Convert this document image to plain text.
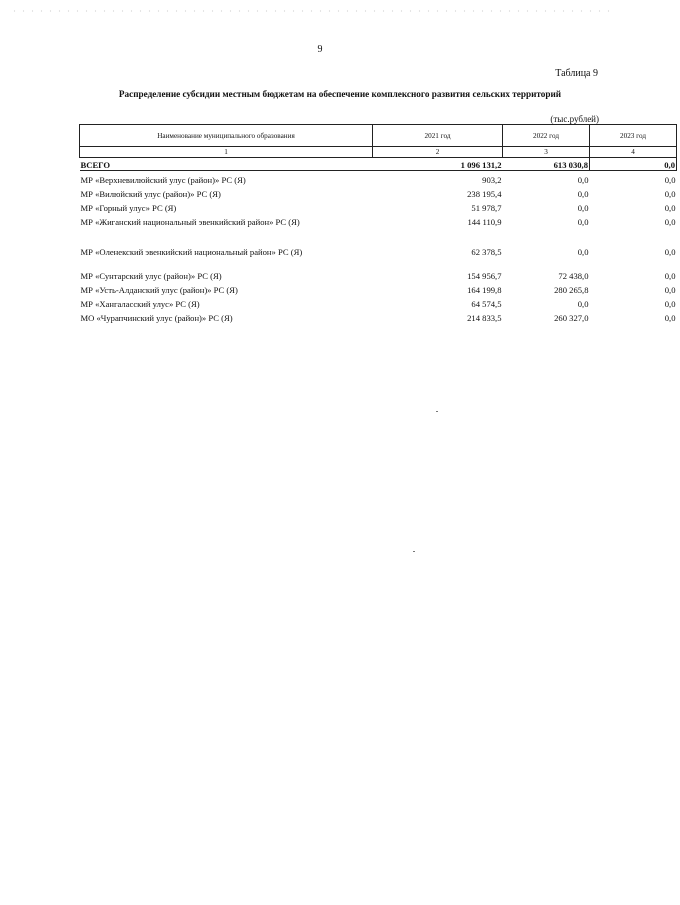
9
Таблица 9
Распределение субсидии местным бюджетам на обеспечение комплексного развития сельских территорий
(тыс.рублей)
Наименование муниципального образования	2021 год	2022 год	2023 год
1	2	3	4
ВСЕГО	1 096 131,2	613 030,8	0,0
МР «Верхневилюйский улус (район)» РС (Я)	903,2	0,0	0,0
МР «Вилюйский улус (район)» РС (Я)	238 195,4	0,0	0,0
МР «Горный улус» РС (Я)	51 978,7	0,0	0,0
МР «Жиганский национальный эвенкийский район» РС (Я)	144 110,9	0,0	0,0
МР «Оленекский эвенкийский национальный район» РС (Я)	62 378,5	0,0	0,0
МР «Сунтарский улус (район)» РС (Я)	154 956,7	72 438,0	0,0
МР «Усть-Алданский улус (район)» РС (Я)	164 199,8	280 265,8	0,0
МР «Хангаласский улус» РС (Я)	64 574,5	0,0	0,0
МО «Чурапчинский улус (район)» РС (Я)	214 833,5	260 327,0	0,0
